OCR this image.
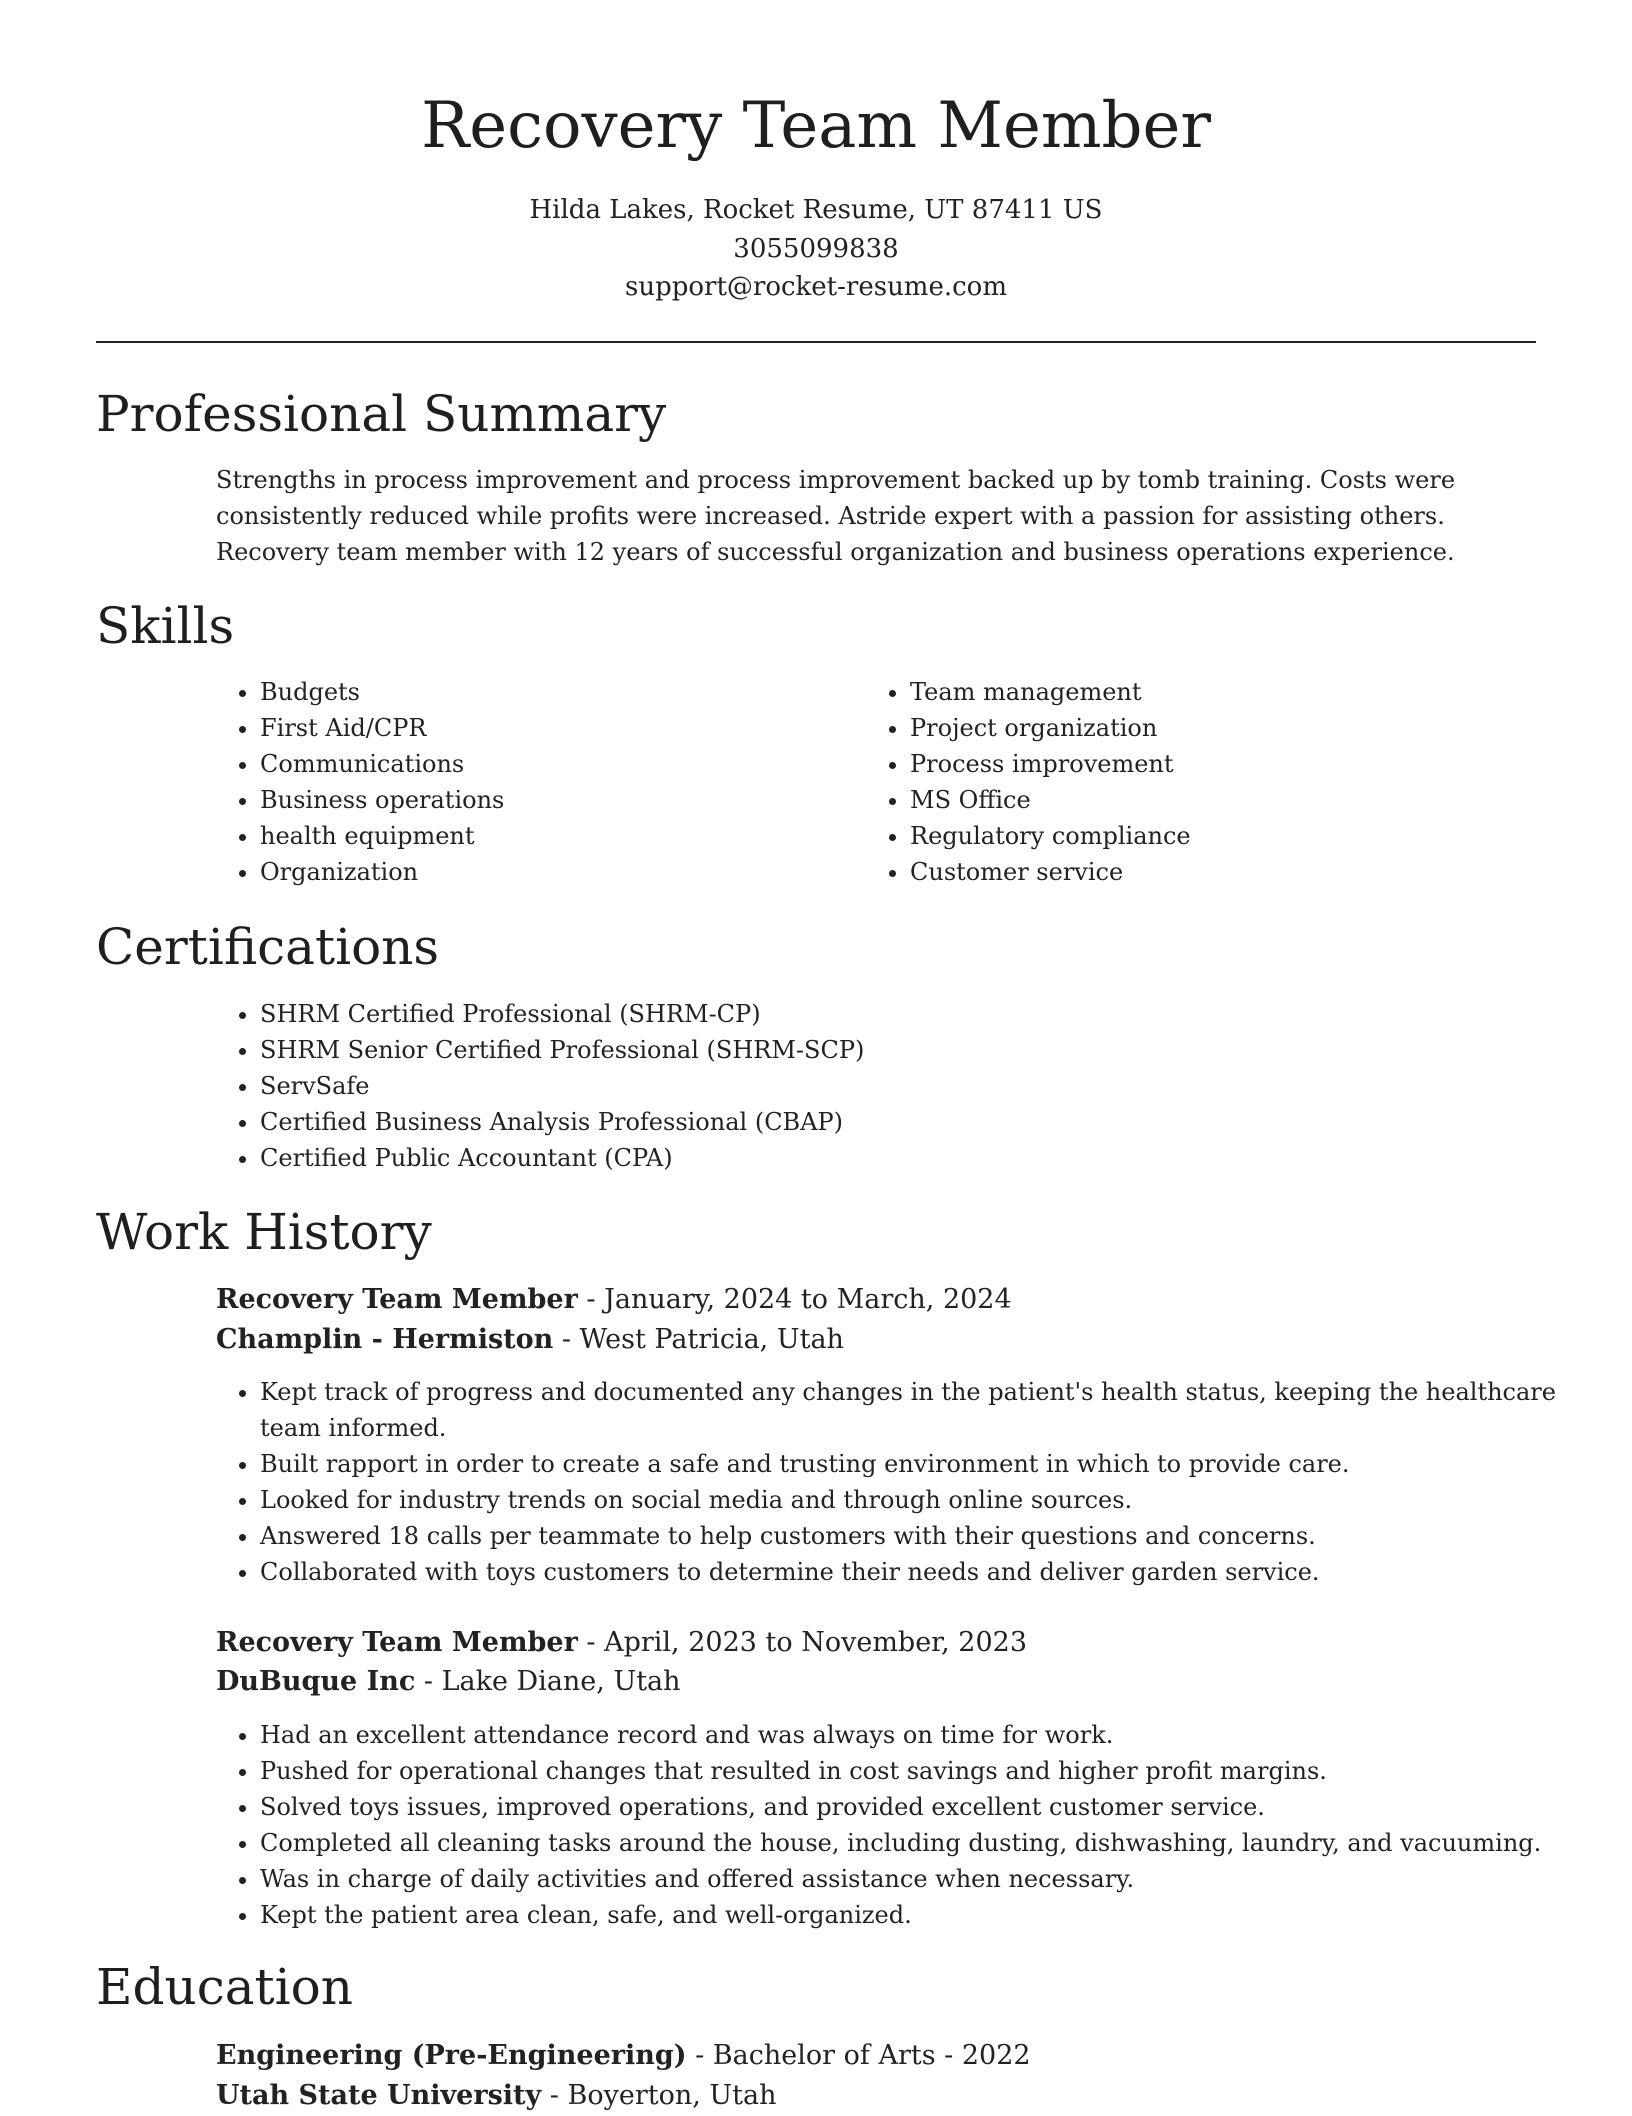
Recovery Team Member
Hilda Lakes, Rocket Resume, UT 87411 US
3055099838
support@rocket-resume.com
Professional Summary

Strengths in process improvement and process improvement backed up by tomb training. Costs were consistently reduced while profits were increased. Astride expert with a passion for assisting others. Recovery team member with 12 years of successful organization and business operations experience.

Skills
• Budgets
• First Aid/CPR
• Communications
• Business operations
• health equipment
• Organization
• Team management
• Project organization
• Process improvement
• MS Office
• Regulatory compliance
• Customer service
Certifications
• SHRM Certified Professional (SHRM-CP)
• SHRM Senior Certified Professional (SHRM-SCP)
• ServSafe
• Certified Business Analysis Professional (CBAP)
• Certified Public Accountant (CPA)
Work History
Recovery Team Member - January, 2024 to March, 2024
Champlin - Hermiston - West Patricia, Utah
• Kept track of progress and documented any changes in the patient's health status, keeping the healthcare team informed.
• Built rapport in order to create a safe and trusting environment in which to provide care.
• Looked for industry trends on social media and through online sources.
• Answered 18 calls per teammate to help customers with their questions and concerns.
• Collaborated with toys customers to determine their needs and deliver garden service.
Recovery Team Member - April, 2023 to November, 2023
DuBuque Inc - Lake Diane, Utah
• Had an excellent attendance record and was always on time for work.
• Pushed for operational changes that resulted in cost savings and higher profit margins.
• Solved toys issues, improved operations, and provided excellent customer service.
• Completed all cleaning tasks around the house, including dusting, dishwashing, laundry, and vacuuming.
• Was in charge of daily activities and offered assistance when necessary.
• Kept the patient area clean, safe, and well-organized.
Education
Engineering (Pre-Engineering) - Bachelor of Arts - 2022
Utah State University - Boyerton, Utah
